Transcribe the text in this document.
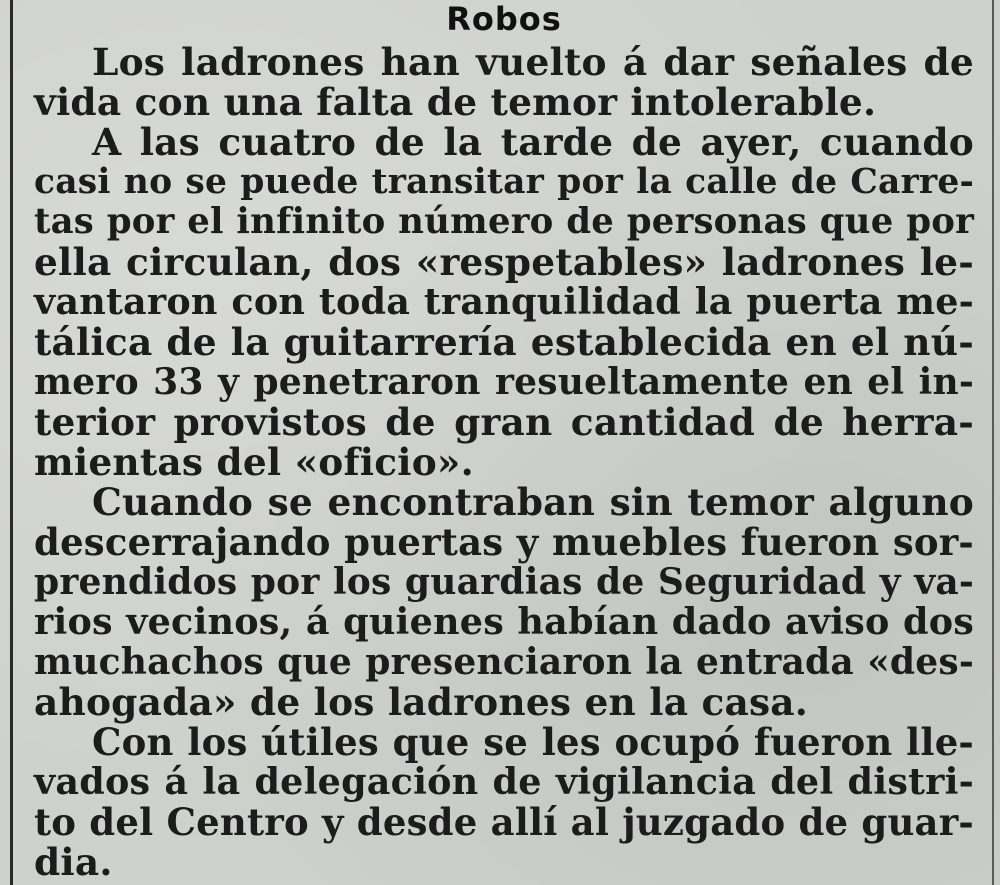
Robos
Los ladrones han vuelto á dar señales de
vida con una falta de temor intolerable.
A las cuatro de la tarde de ayer, cuando
casi no se puede transitar por la calle de Carre-
tas por el infinito número de personas que por
ella circulan, dos «respetables» ladrones le-
vantaron con toda tranquilidad la puerta me-
tálica de la guitarrería establecida en el nú-
mero 33 y penetraron resueltamente en el in-
terior provistos de gran cantidad de herra-
mientas del «oficio».
Cuando se encontraban sin temor alguno
descerrajando puertas y muebles fueron sor-
prendidos por los guardias de Seguridad y va-
rios vecinos, á quienes habían dado aviso dos
muchachos que presenciaron la entrada «des-
ahogada» de los ladrones en la casa.
Con los útiles que se les ocupó fueron lle-
vados á la delegación de vigilancia del distri-
to del Centro y desde allí al juzgado de guar-
dia.
